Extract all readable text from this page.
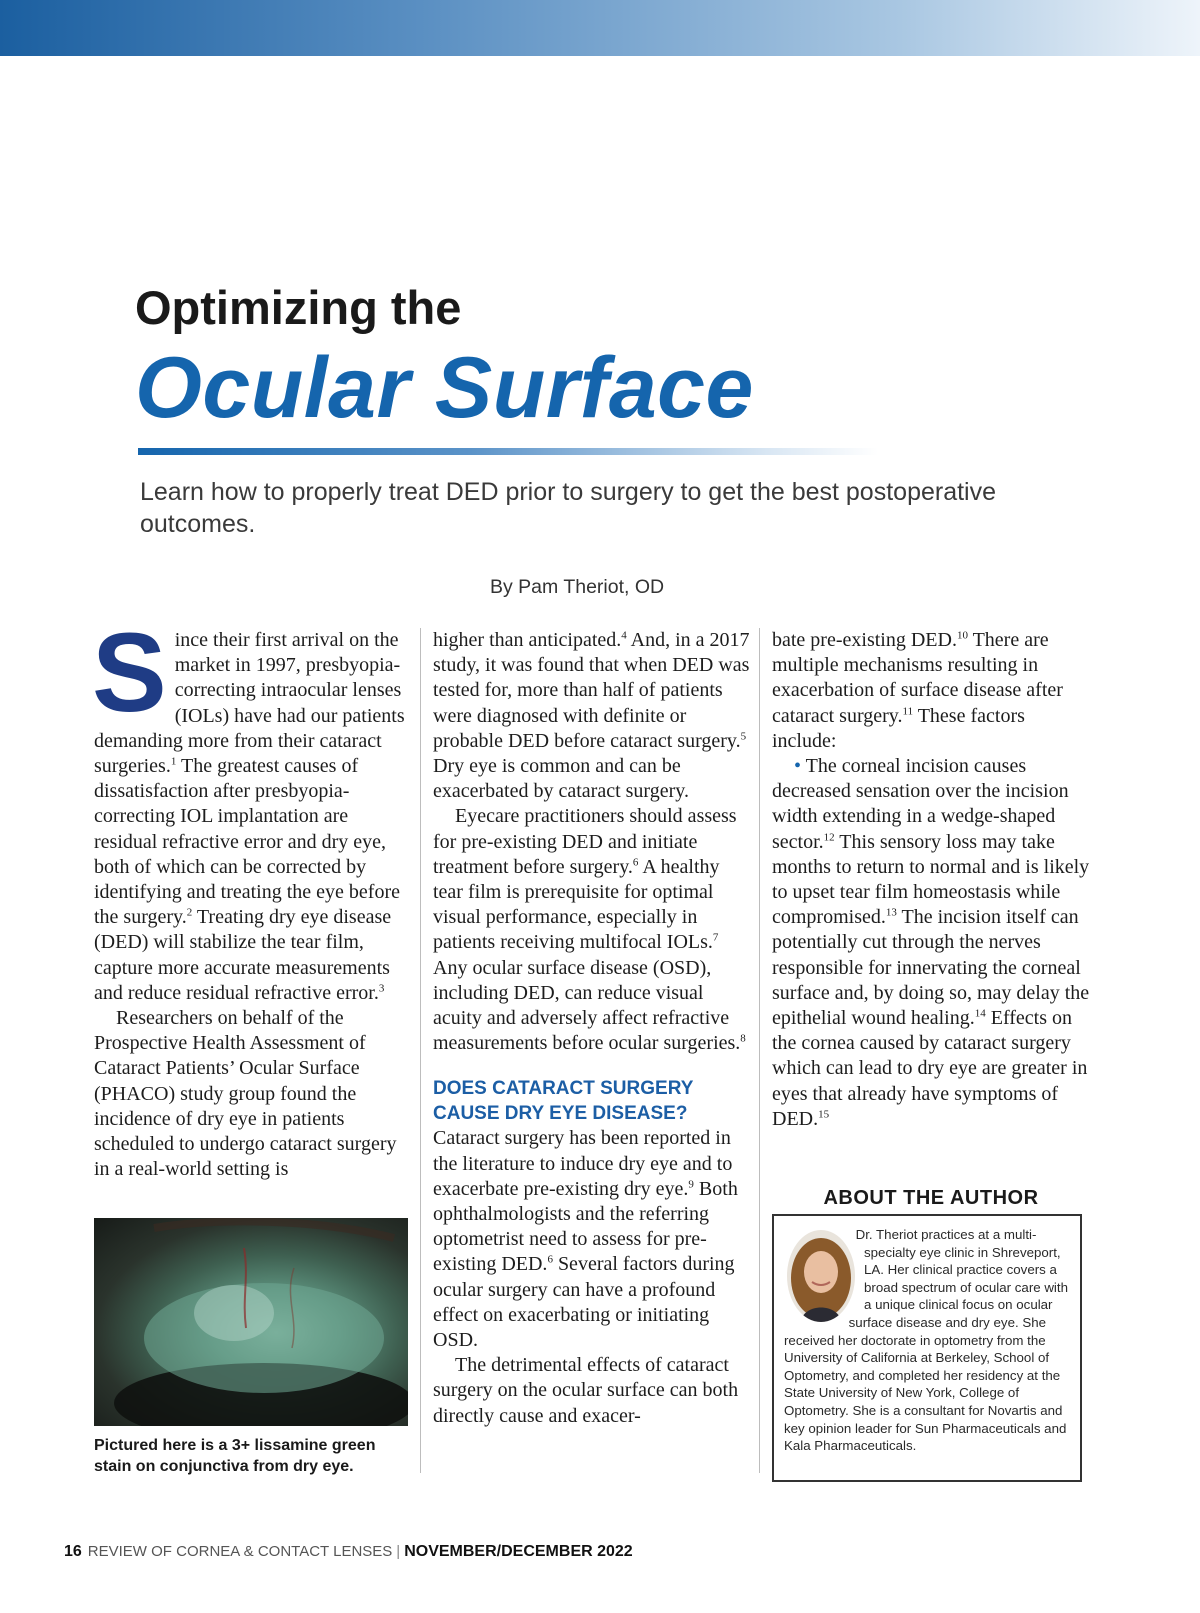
Optimizing the
Ocular Surface

Learn how to properly treat DED prior to surgery to get the best postoperative outcomes.

By Pam Theriot, OD

Since their first arrival on the market in 1997, presbyopia-correcting intraocular lenses (IOLs) have had our patients demanding more from their cataract surgeries.$^1$ The greatest causes of dissatisfaction after presbyopia-correcting IOL implantation are residual refractive error and dry eye, both of which can be corrected by identifying and treating the eye before the surgery.$^2$ Treating dry eye disease (DED) will stabilize the tear film, capture more accurate measurements and reduce residual refractive error.$^3$

Researchers on behalf of the Prospective Health Assessment of Cataract Patients’ Ocular Surface (PHACO) study group found the incidence of dry eye in patients scheduled to undergo cataract surgery in a real-world setting is

Pictured here is a 3+ lissamine green stain on conjunctiva from dry eye.

higher than anticipated.$^4$ And, in a 2017 study, it was found that when DED was tested for, more than half of patients were diagnosed with definite or probable DED before cataract surgery.$^5$ Dry eye is common and can be exacerbated by cataract surgery.

Eyecare practitioners should assess for pre-existing DED and initiate treatment before surgery.$^6$ A healthy tear film is prerequisite for optimal visual performance, especially in patients receiving multifocal IOLs.$^7$ Any ocular surface disease (OSD), including DED, can reduce visual acuity and adversely affect refractive measurements before ocular surgeries.$^8$

DOES CATARACT SURGERY CAUSE DRY EYE DISEASE?

Cataract surgery has been reported in the literature to induce dry eye and to exacerbate pre-existing dry eye.$^9$ Both ophthalmologists and the referring optometrist need to assess for pre-existing DED.$^6$ Several factors during ocular surgery can have a profound effect on exacerbating or initiating OSD.

The detrimental effects of cataract surgery on the ocular surface can both directly cause and exacer-

bate pre-existing DED.$^{10}$ There are multiple mechanisms resulting in exacerbation of surface disease after cataract surgery.$^{11}$ These factors include:

• The corneal incision causes decreased sensation over the incision width extending in a wedge-shaped sector.$^{12}$ This sensory loss may take months to return to normal and is likely to upset tear film homeostasis while compromised.$^{13}$ The incision itself can potentially cut through the nerves responsible for innervating the corneal surface and, by doing so, may delay the epithelial wound healing.$^{14}$ Effects on the cornea caused by cataract surgery which can lead to dry eye are greater in eyes that already have symptoms of DED.$^{15}$

ABOUT THE AUTHOR

Dr. Theriot practices at a multi-specialty eye clinic in Shreveport, LA. Her clinical practice covers a broad spectrum of ocular care with a unique clinical focus on ocular surface disease and dry eye. She received her doctorate in optometry from the University of California at Berkeley, School of Optometry, and completed her residency at the State University of New York, College of Optometry. She is a consultant for Novartis and key opinion leader for Sun Pharmaceuticals and Kala Pharmaceuticals.

16 REVIEW OF CORNEA & CONTACT LENSES | NOVEMBER/DECEMBER 2022
